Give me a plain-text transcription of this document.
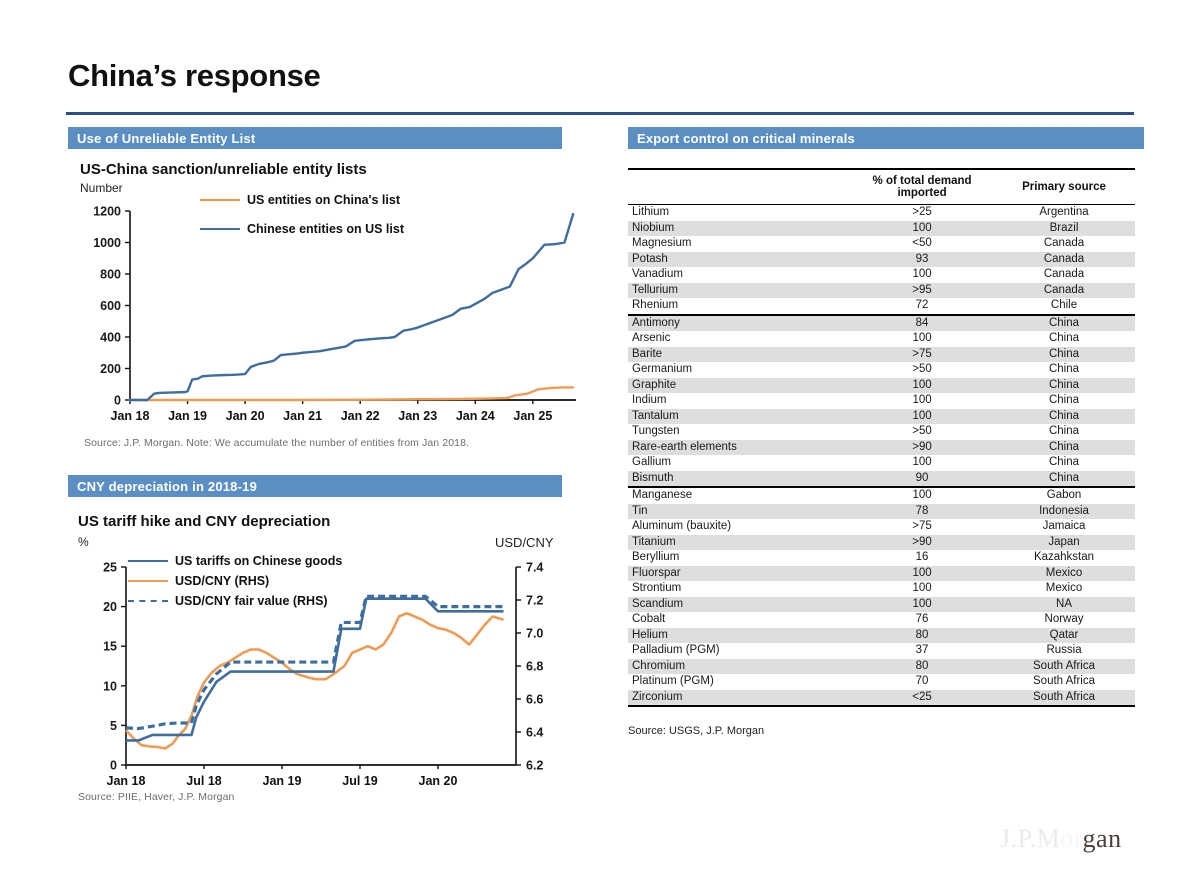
China’s response
Use of Unreliable Entity List
CNY depreciation in 2018-19
Export control on critical minerals
US-China sanction/unreliable entity lists
Number
US entities on China's list
Chinese entities on US list
0
200
400
600
800
1000
1200
Jan 18 Jan 19 Jan 20 Jan 21 Jan 22 Jan 23 Jan 24 Jan 25
Source: J.P. Morgan. Note: We accumulate the number of entities from Jan 2018.
US tariff hike and CNY depreciation
%	USD/CNY
US tariffs on Chinese goods
USD/CNY (RHS)
USD/CNY fair value (RHS)
0
5
10
15
20
25
6.2
6.4
6.6
6.8
7.0
7.2
7.4
Jan 18	Jul 18	Jan 19	Jul 19	Jan 20
Source: PIIE, Haver, J.P. Morgan
	% of total demand imported	Primary source
Lithium	>25	Argentina
Niobium	100	Brazil
Magnesium	<50	Canada
Potash	93	Canada
Vanadium	100	Canada
Tellurium	>95	Canada
Rhenium	72	Chile
Antimony	84	China
Arsenic	100	China
Barite	>75	China
Germanium	>50	China
Graphite	100	China
Indium	100	China
Tantalum	100	China
Tungsten	>50	China
Rare-earth elements	>90	China
Gallium	100	China
Bismuth	90	China
Manganese	100	Gabon
Tin	78	Indonesia
Aluminum (bauxite)	>75	Jamaica
Titanium	>90	Japan
Beryllium	16	Kazahkstan
Fluorspar	100	Mexico
Strontium	100	Mexico
Scandium	100	NA
Cobalt	76	Norway
Helium	80	Qatar
Palladium (PGM)	37	Russia
Chromium	80	South Africa
Platinum (PGM)	70	South Africa
Zirconium	<25	South Africa
Source: USGS, J.P. Morgan
J.P.M gan
